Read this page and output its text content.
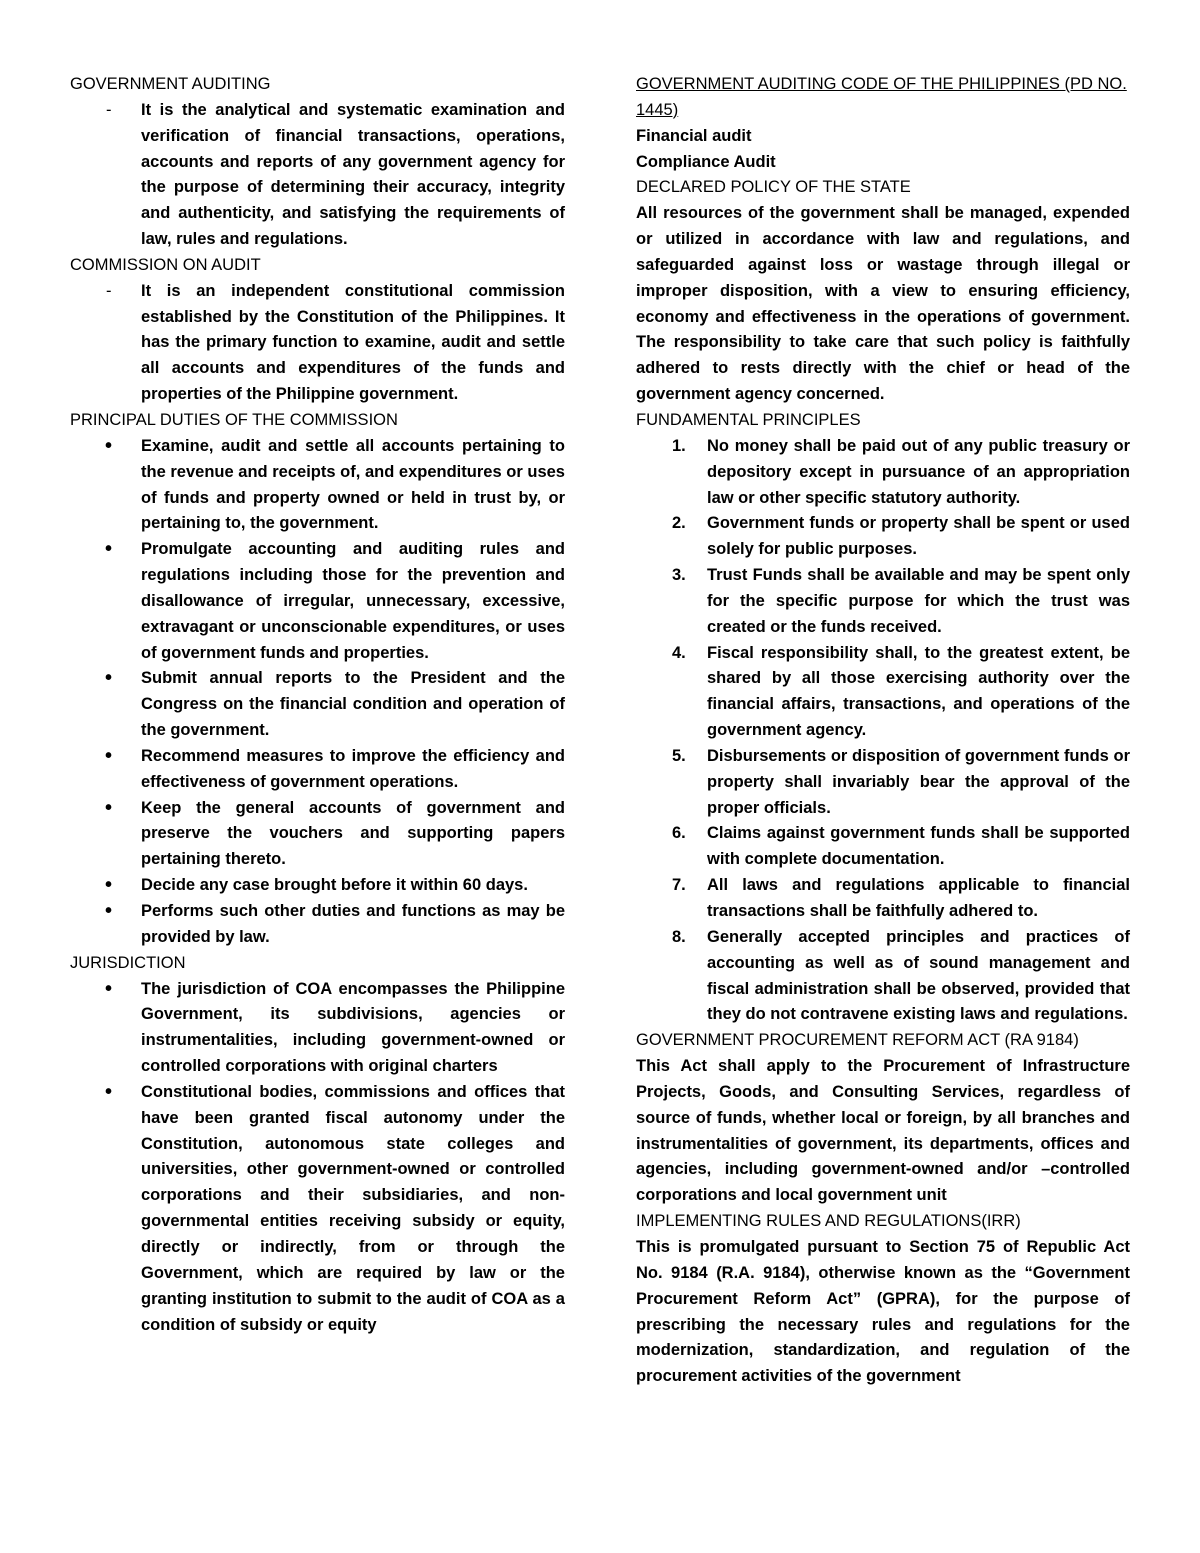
GOVERNMENT AUDITING
- It is the analytical and systematic examination and verification of financial transactions, operations, accounts and reports of any government agency for the purpose of determining their accuracy, integrity and authenticity, and satisfying the requirements of law, rules and regulations.
COMMISSION ON AUDIT
- It is an independent constitutional commission established by the Constitution of the Philippines. It has the primary function to examine, audit and settle all accounts and expenditures of the funds and properties of the Philippine government.
PRINCIPAL DUTIES OF THE COMMISSION
• Examine, audit and settle all accounts pertaining to the revenue and receipts of, and expenditures or uses of funds and property owned or held in trust by, or pertaining to, the government.
• Promulgate accounting and auditing rules and regulations including those for the prevention and disallowance of irregular, unnecessary, excessive, extravagant or unconscionable expenditures, or uses of government funds and properties.
• Submit annual reports to the President and the Congress on the financial condition and operation of the government.
• Recommend measures to improve the efficiency and effectiveness of government operations.
• Keep the general accounts of government and preserve the vouchers and supporting papers pertaining thereto.
• Decide any case brought before it within 60 days.
• Performs such other duties and functions as may be provided by law.
JURISDICTION
• The jurisdiction of COA encompasses the Philippine Government, its subdivisions, agencies or instrumentalities, including government-owned or controlled corporations with original charters
• Constitutional bodies, commissions and offices that have been granted fiscal autonomy under the Constitution, autonomous state colleges and universities, other government-owned or controlled corporations and their subsidiaries, and non-governmental entities receiving subsidy or equity, directly or indirectly, from or through the Government, which are required by law or the granting institution to submit to the audit of COA as a condition of subsidy or equity
GOVERNMENT AUDITING CODE OF THE PHILIPPINES (PD NO. 1445)
Financial audit
Compliance Audit
DECLARED POLICY OF THE STATE
All resources of the government shall be managed, expended or utilized in accordance with law and regulations, and safeguarded against loss or wastage through illegal or improper disposition, with a view to ensuring efficiency, economy and effectiveness in the operations of government. The responsibility to take care that such policy is faithfully adhered to rests directly with the chief or head of the government agency concerned.
FUNDAMENTAL PRINCIPLES
1. No money shall be paid out of any public treasury or depository except in pursuance of an appropriation law or other specific statutory authority.
2. Government funds or property shall be spent or used solely for public purposes.
3. Trust Funds shall be available and may be spent only for the specific purpose for which the trust was created or the funds received.
4. Fiscal responsibility shall, to the greatest extent, be shared by all those exercising authority over the financial affairs, transactions, and operations of the government agency.
5. Disbursements or disposition of government funds or property shall invariably bear the approval of the proper officials.
6. Claims against government funds shall be supported with complete documentation.
7. All laws and regulations applicable to financial transactions shall be faithfully adhered to.
8. Generally accepted principles and practices of accounting as well as of sound management and fiscal administration shall be observed, provided that they do not contravene existing laws and regulations.
GOVERNMENT PROCUREMENT REFORM ACT (RA 9184)
This Act shall apply to the Procurement of Infrastructure Projects, Goods, and Consulting Services, regardless of source of funds, whether local or foreign, by all branches and instrumentalities of government, its departments, offices and agencies, including government-owned and/or –controlled corporations and local government unit
IMPLEMENTING RULES AND REGULATIONS(IRR)
This is promulgated pursuant to Section 75 of Republic Act No. 9184 (R.A. 9184), otherwise known as the “Government Procurement Reform Act” (GPRA), for the purpose of prescribing the necessary rules and regulations for the modernization, standardization, and regulation of the procurement activities of the government
